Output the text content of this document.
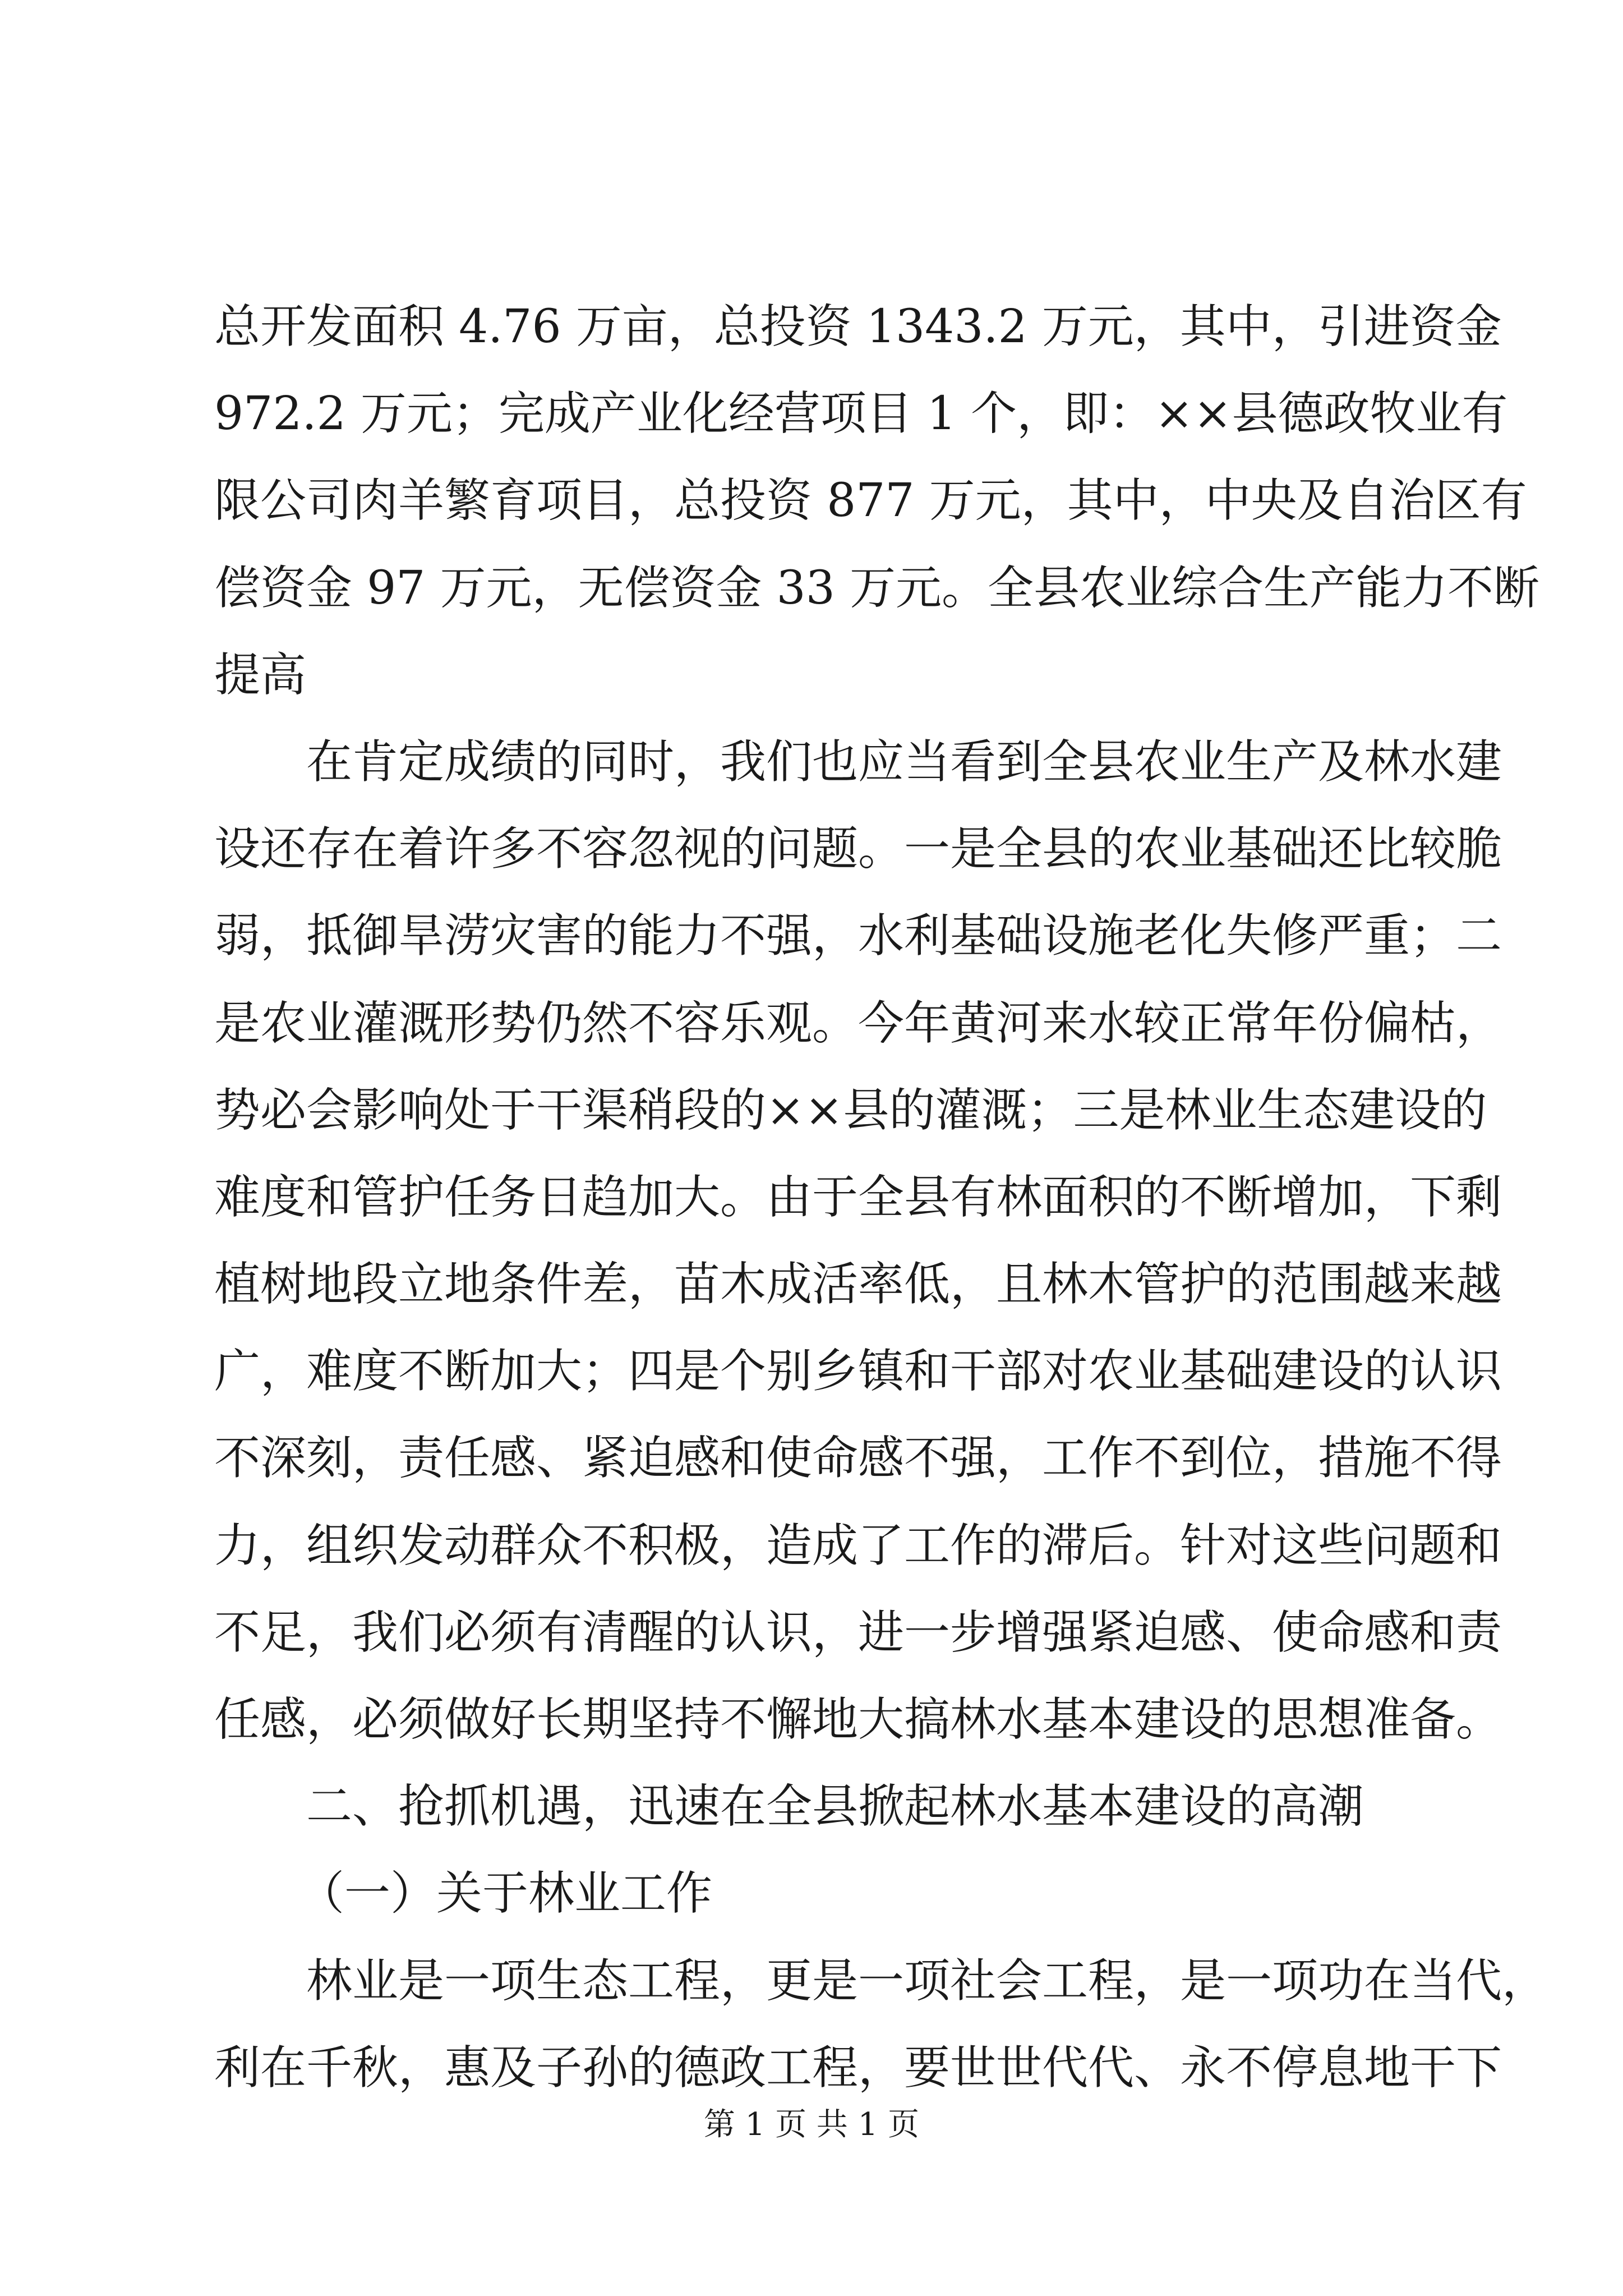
总开发面积 4.76 万亩，总投资 1343.2 万元，其中，引进资金
972.2 万元；完成产业化经营项目 1 个，即：××县德政牧业有
限公司肉羊繁育项目，总投资 877 万元，其中，中央及自治区有
偿资金 97 万元，无偿资金 33 万元。全县农业综合生产能力不断
提高
在肯定成绩的同时，我们也应当看到全县农业生产及林水建
设还存在着许多不容忽视的问题。一是全县的农业基础还比较脆
弱，抵御旱涝灾害的能力不强，水利基础设施老化失修严重；二
是农业灌溉形势仍然不容乐观。今年黄河来水较正常年份偏枯，
势必会影响处于干渠稍段的××县的灌溉；三是林业生态建设的
难度和管护任务日趋加大。由于全县有林面积的不断增加，下剩
植树地段立地条件差，苗木成活率低，且林木管护的范围越来越
广，难度不断加大；四是个别乡镇和干部对农业基础建设的认识
不深刻，责任感、紧迫感和使命感不强，工作不到位，措施不得
力，组织发动群众不积极，造成了工作的滞后。针对这些问题和
不足，我们必须有清醒的认识，进一步增强紧迫感、使命感和责
任感，必须做好长期坚持不懈地大搞林水基本建设的思想准备。
二、抢抓机遇，迅速在全县掀起林水基本建设的高潮
（一）关于林业工作
林业是一项生态工程，更是一项社会工程，是一项功在当代，
利在千秋，惠及子孙的德政工程，要世世代代、永不停息地干下
第 1 页 共 1 页
